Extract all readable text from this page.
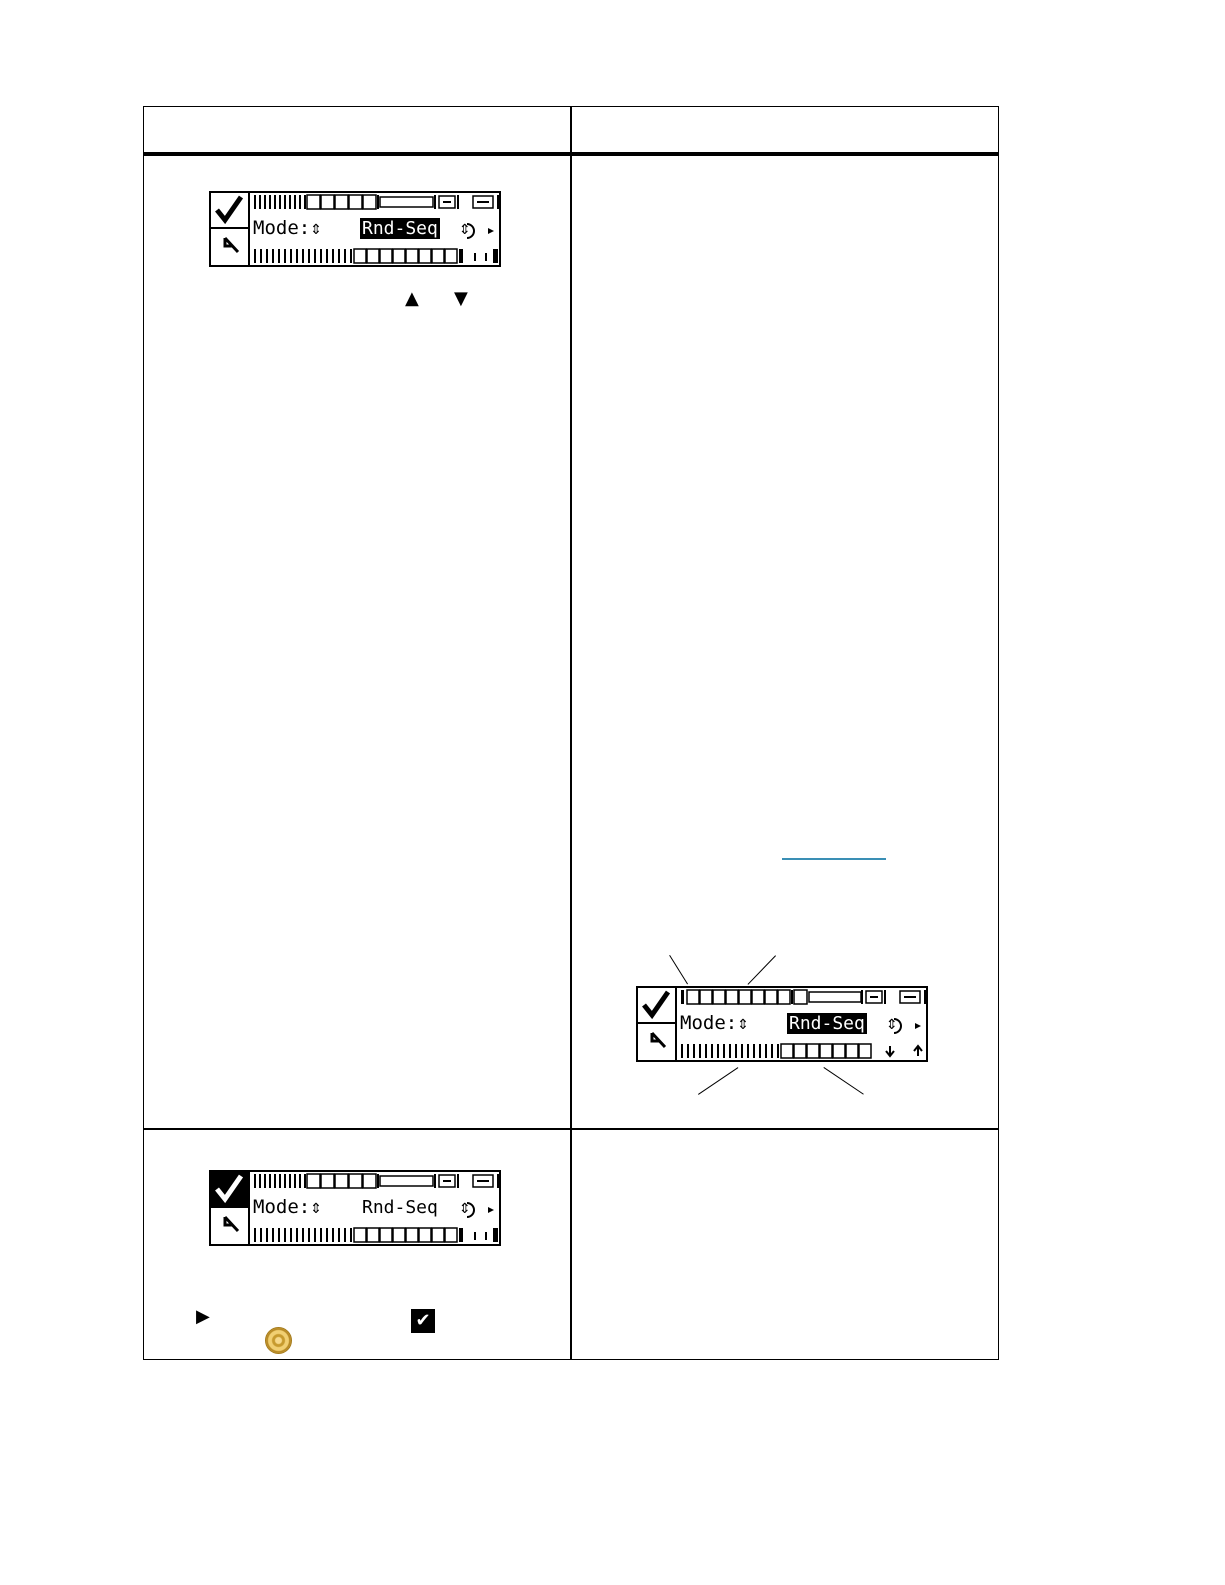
Mode:⇕ Rnd-Seq ⇕
▲ ▼
Mode:⇕ Rnd-Seq ⇕
Mode:⇕ Rnd-Seq ⇕
▶	✔
